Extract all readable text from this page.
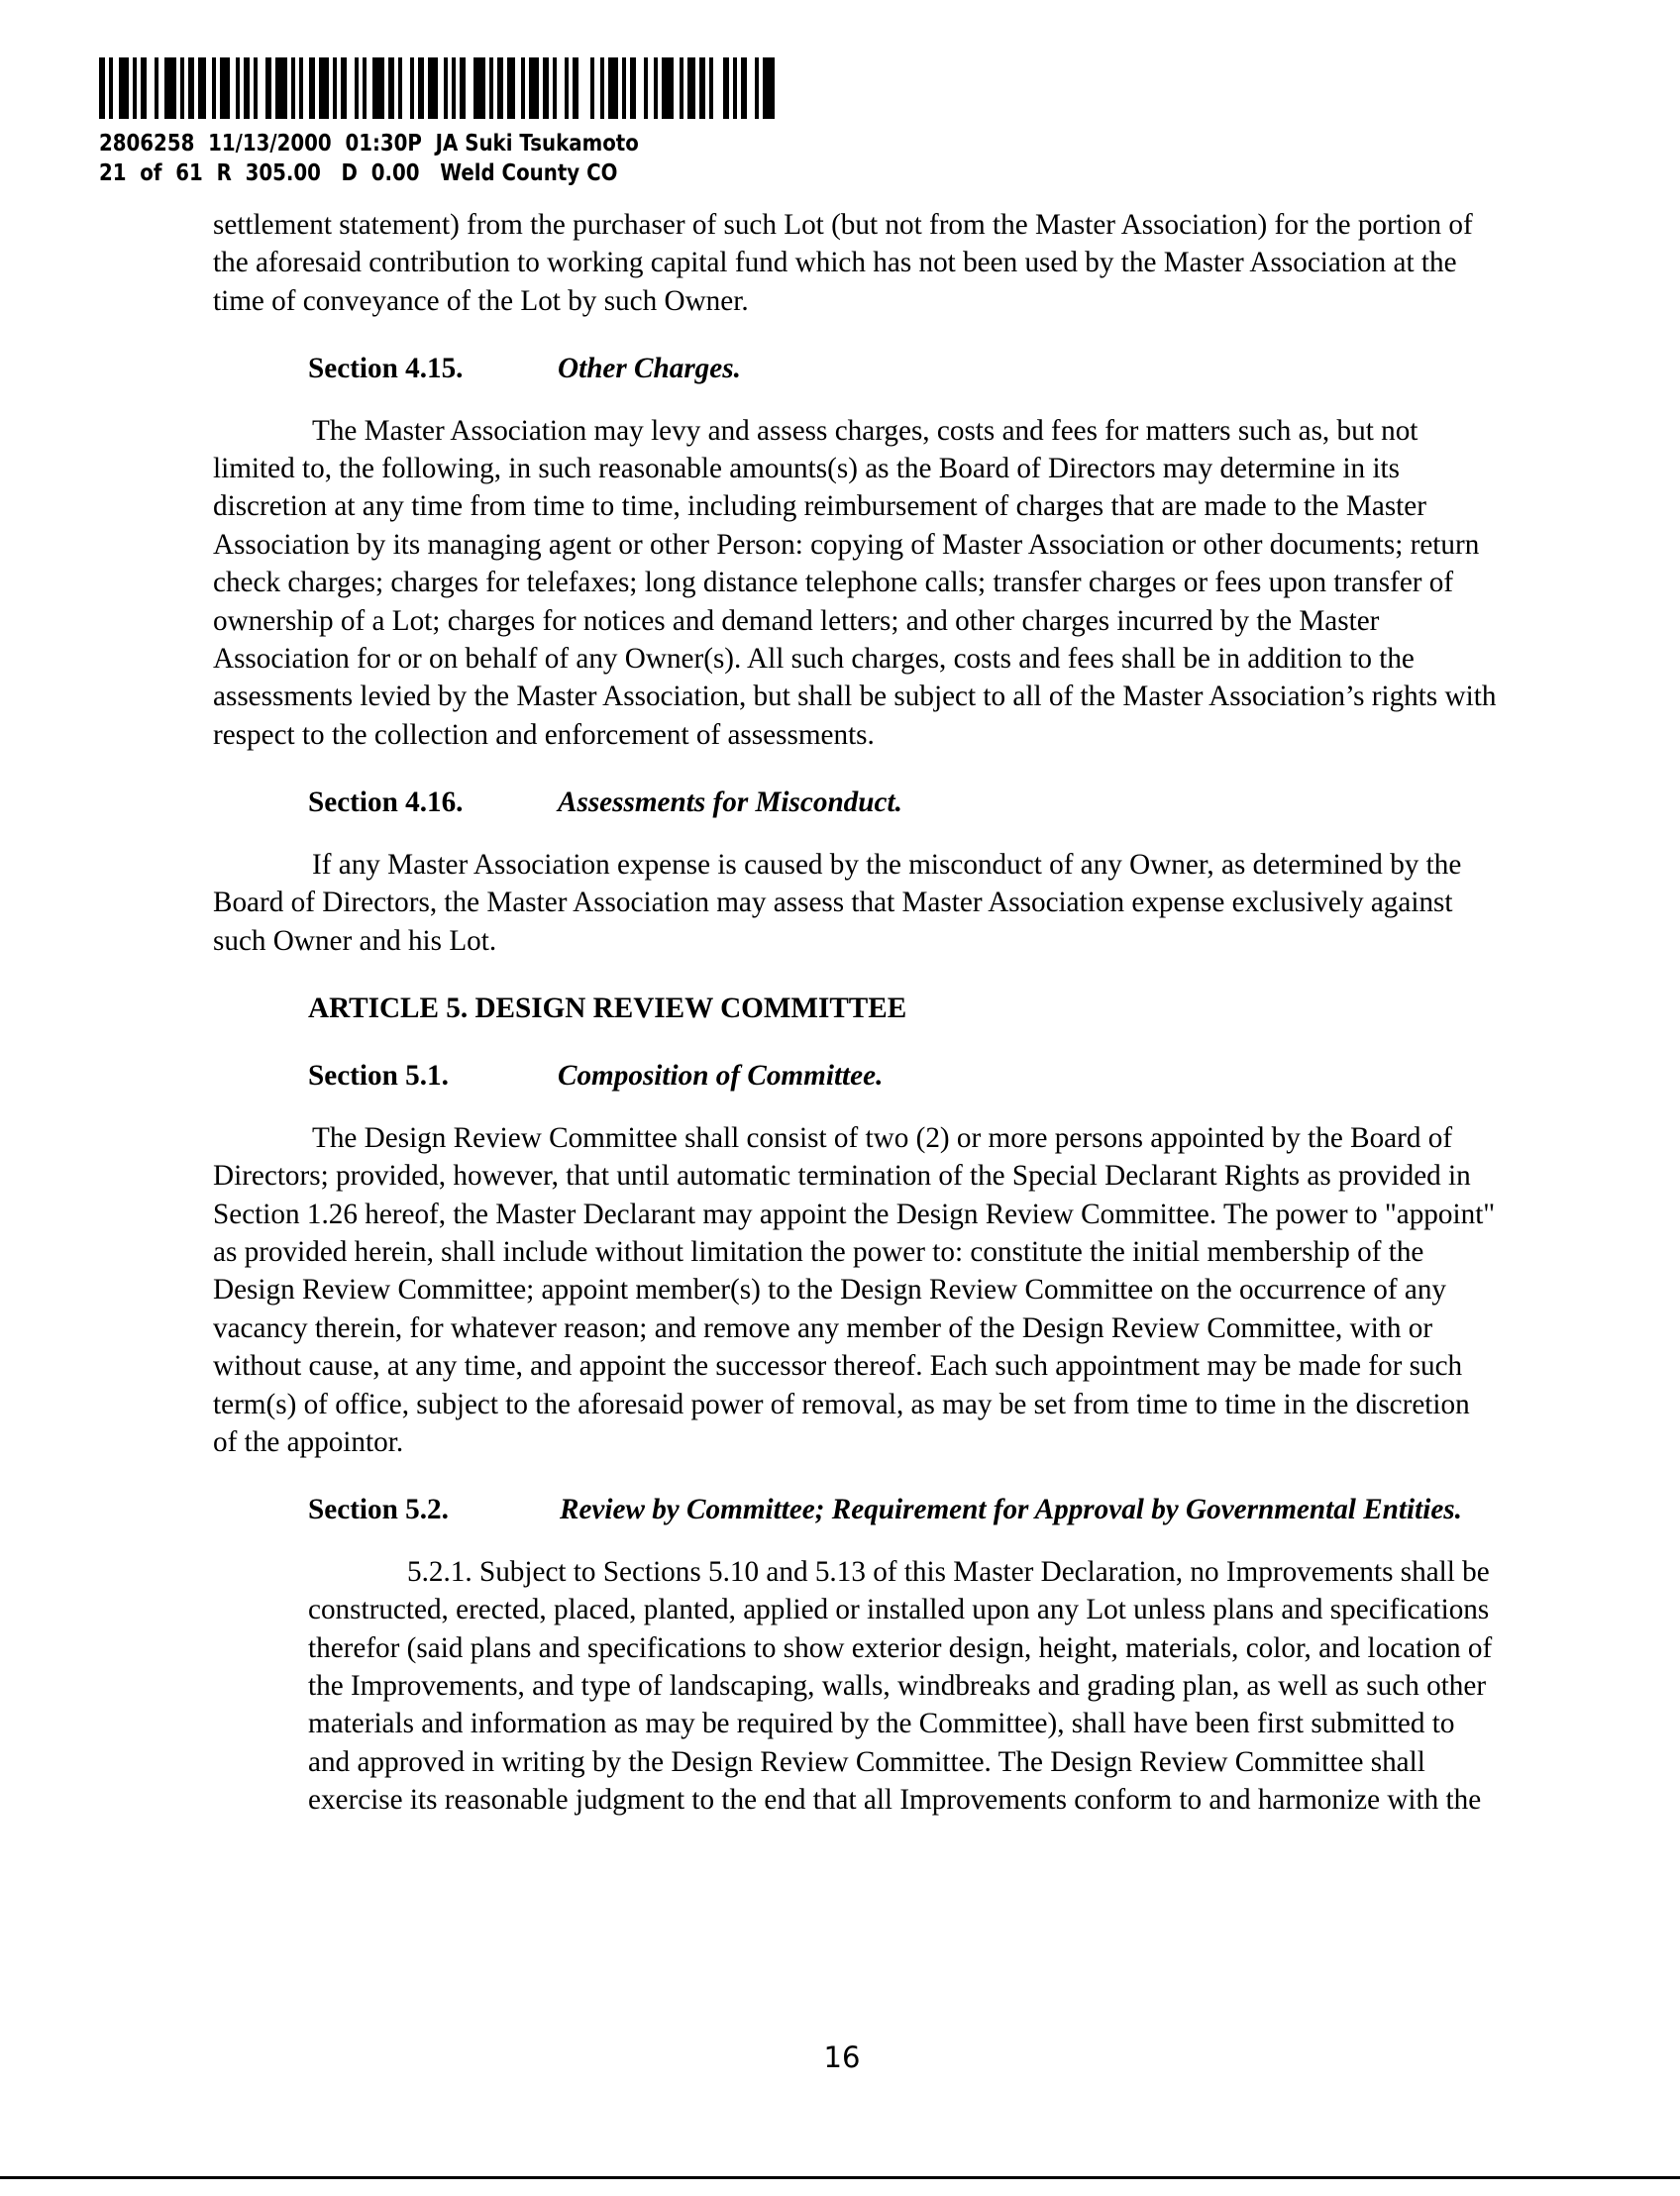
2806258  11/13/2000  01:30P  JA Suki Tsukamoto
21  of  61  R  305.00   D  0.00   Weld County CO

settlement statement) from the purchaser of such Lot (but not from the Master Association) for the portion of the aforesaid contribution to working capital fund which has not been used by the Master Association at the time of conveyance of the Lot by such Owner.

Section 4.15.	Other Charges.

The Master Association may levy and assess charges, costs and fees for matters such as, but not limited to, the following, in such reasonable amounts(s) as the Board of Directors may determine in its discretion at any time from time to time, including reimbursement of charges that are made to the Master Association by its managing agent or other Person: copying of Master Association or other documents; return check charges; charges for telefaxes; long distance telephone calls; transfer charges or fees upon transfer of ownership of a Lot; charges for notices and demand letters; and other charges incurred by the Master Association for or on behalf of any Owner(s). All such charges, costs and fees shall be in addition to the assessments levied by the Master Association, but shall be subject to all of the Master Association’s rights with respect to the collection and enforcement of assessments.

Section 4.16.	Assessments for Misconduct.

If any Master Association expense is caused by the misconduct of any Owner, as determined by the Board of Directors, the Master Association may assess that Master Association expense exclusively against such Owner and his Lot.

ARTICLE 5. DESIGN REVIEW COMMITTEE

Section 5.1.	Composition of Committee.

The Design Review Committee shall consist of two (2) or more persons appointed by the Board of Directors; provided, however, that until automatic termination of the Special Declarant Rights as provided in Section 1.26 hereof, the Master Declarant may appoint the Design Review Committee. The power to "appoint" as provided herein, shall include without limitation the power to: constitute the initial membership of the Design Review Committee; appoint member(s) to the Design Review Committee on the occurrence of any vacancy therein, for whatever reason; and remove any member of the Design Review Committee, with or without cause, at any time, and appoint the successor thereof. Each such appointment may be made for such term(s) of office, subject to the aforesaid power of removal, as may be set from time to time in the discretion of the appointor.

Section 5.2.	Review by Committee; Requirement for Approval by Governmental Entities.

5.2.1. Subject to Sections 5.10 and 5.13 of this Master Declaration, no Improvements shall be constructed, erected, placed, planted, applied or installed upon any Lot unless plans and specifications therefor (said plans and specifications to show exterior design, height, materials, color, and location of the Improvements, and type of landscaping, walls, windbreaks and grading plan, as well as such other materials and information as may be required by the Committee), shall have been first submitted to and approved in writing by the Design Review Committee. The Design Review Committee shall exercise its reasonable judgment to the end that all Improvements conform to and harmonize with the

16
